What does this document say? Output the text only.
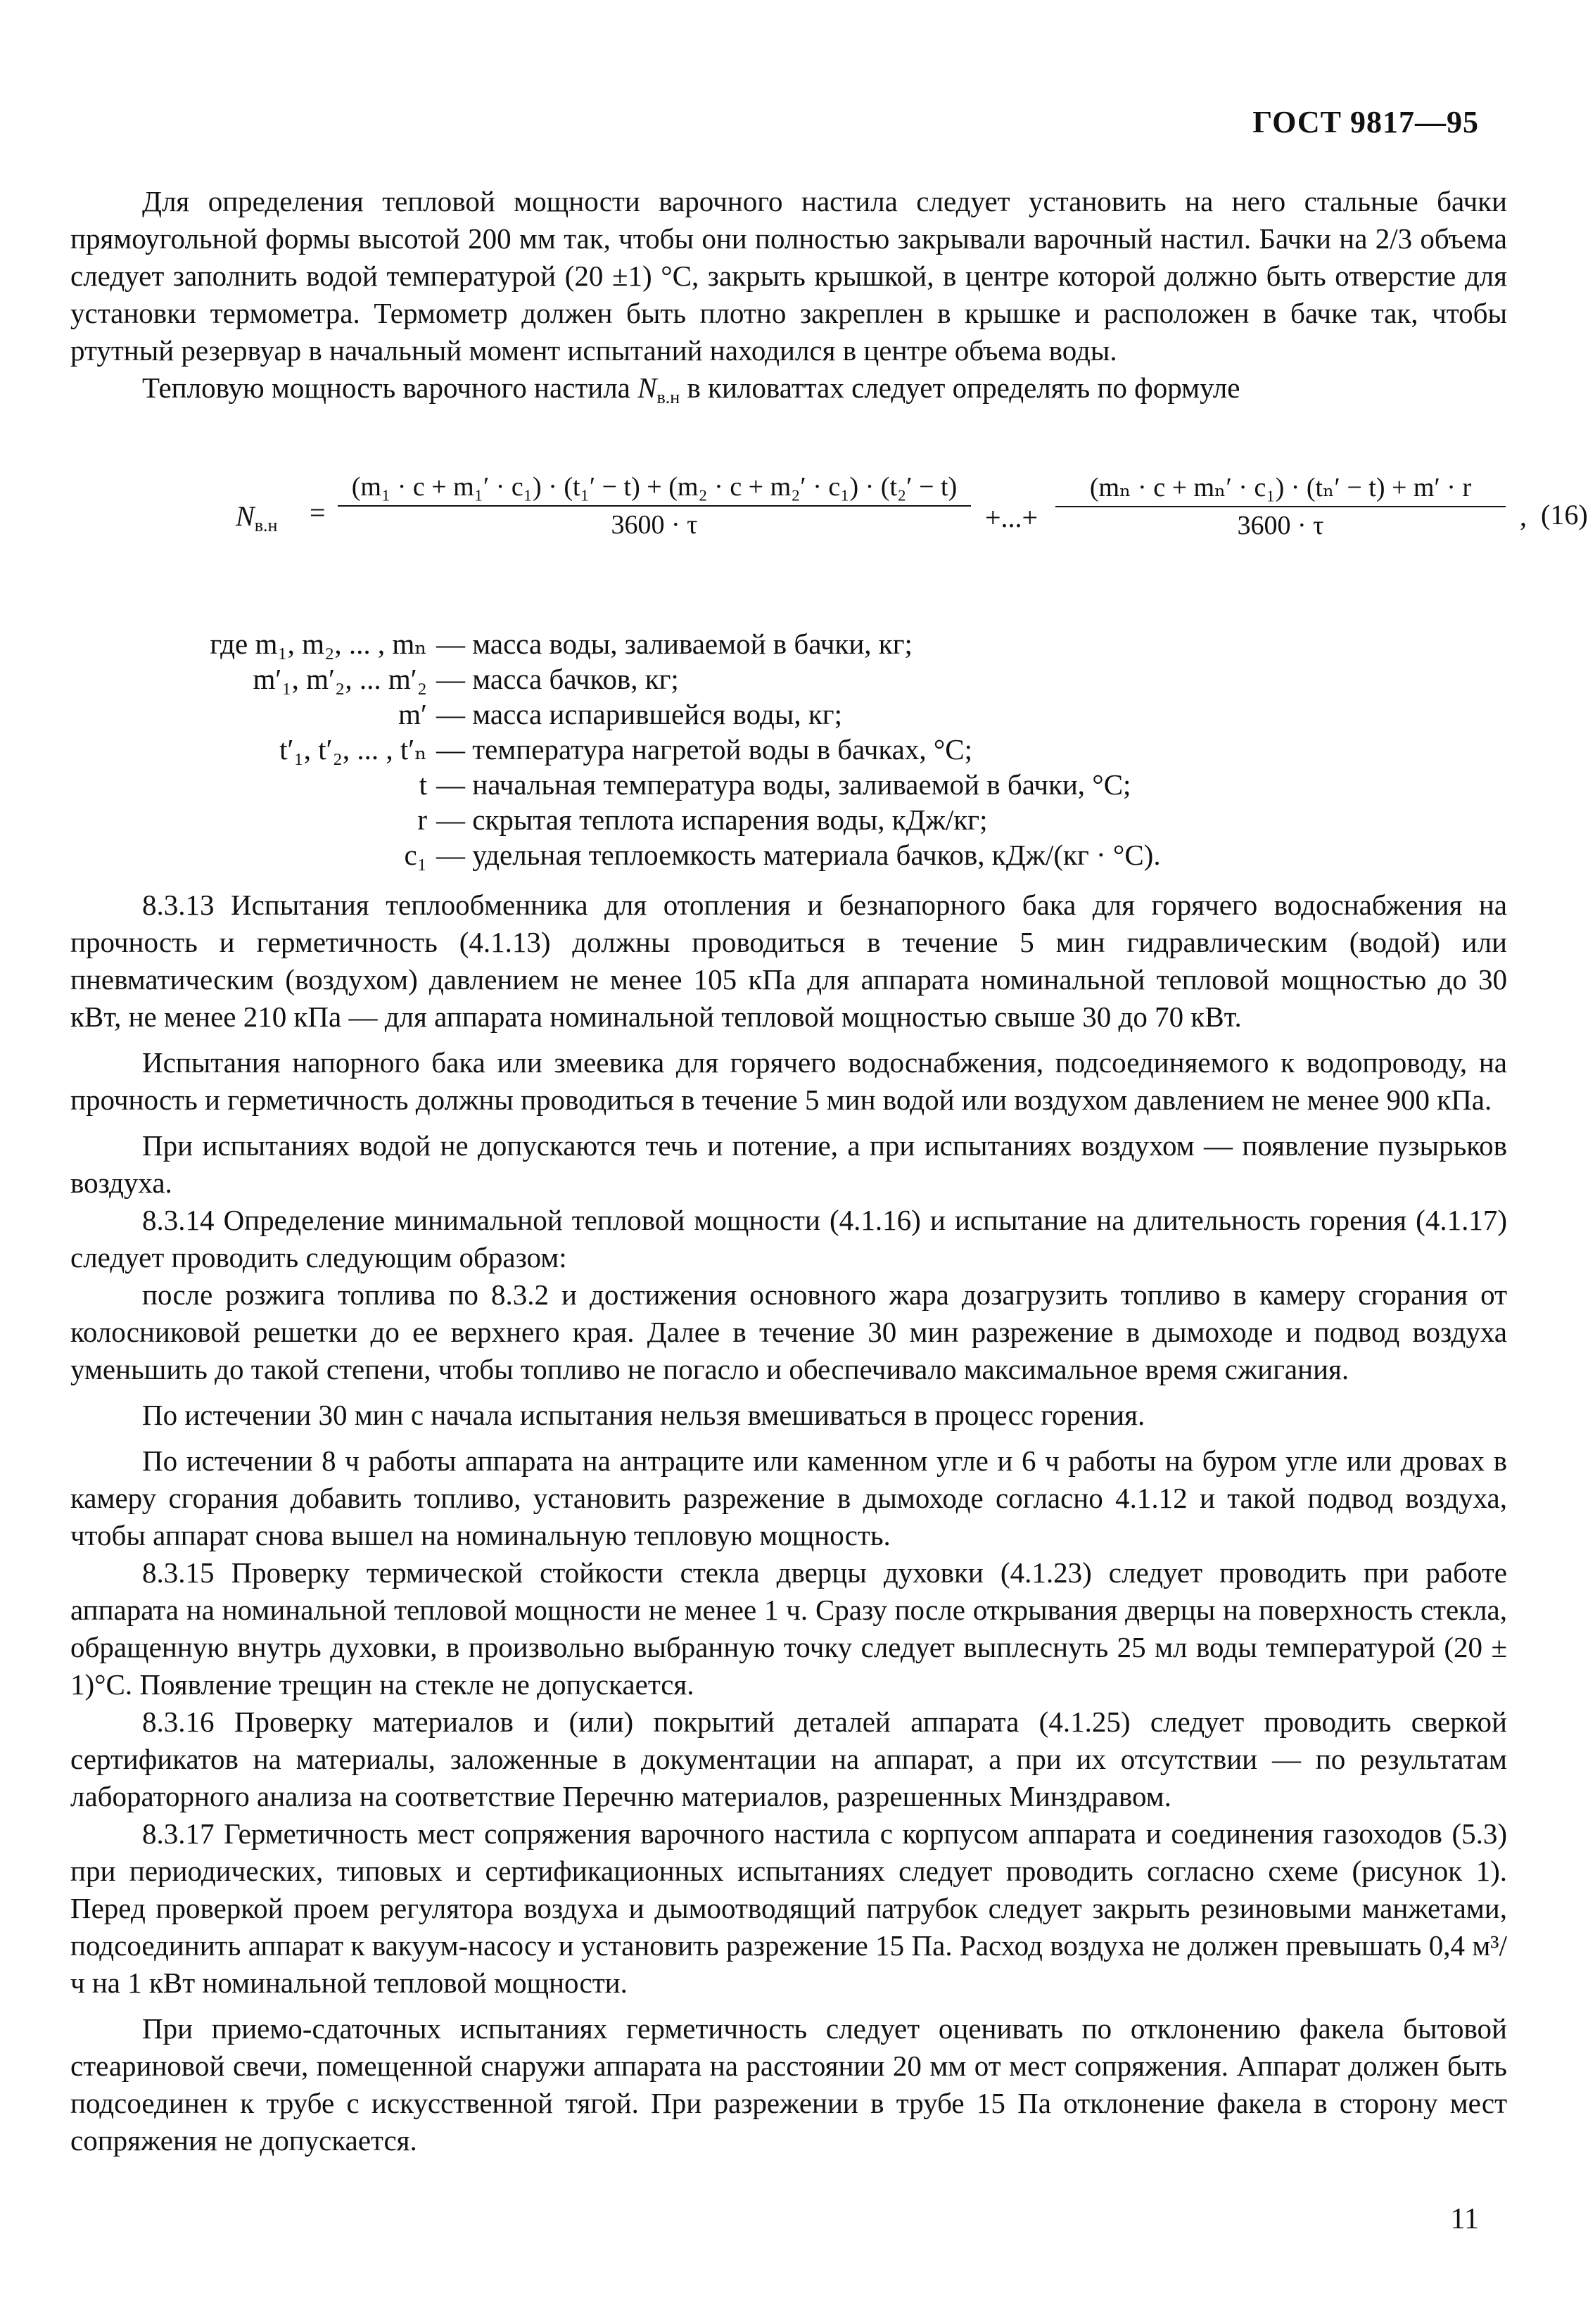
ГОСТ 9817—95

Для определения тепловой мощности варочного настила следует установить на него стальные бачки прямоугольной формы высотой 200 мм так, чтобы они полностью закрывали варочный настил. Бачки на 2/3 объема следует заполнить водой температурой (20 ±1) °С, закрыть крышкой, в центре которой должно быть отверстие для установки термометра. Термометр должен быть плотно закреплен в крышке и расположен в бачке так, чтобы ртутный резервуар в начальный момент испытаний находился в центре объема воды.

Тепловую мощность варочного настила $N_{в.н}$ в киловаттах следует определять по формуле

$N_{в.н}$ =
(m₁ · c + m₁′ · c₁) · (t₁′ − t) + (m₂ · c + m₂′ · c₁) · (t₂′ − t)
3600 · τ	+...+
(mₙ · c + mₙ′ · c₁) · (tₙ′ − t) + m′ · r
3600 · τ	, (16)
где m₁, m₂, ... , mₙ — масса воды, заливаемой в бачки, кг;
m′₁, m′₂, ... m′₂ — масса бачков, кг;
m′ — масса испарившейся воды, кг;
t′₁, t′₂, ... , t′ₙ — температура нагретой воды в бачках, °С;
t — начальная температура воды, заливаемой в бачки, °С;
r — скрытая теплота испарения воды, кДж/кг;
c₁ — удельная теплоемкость материала бачков, кДж/(кг · °С).

8.3.13 Испытания теплообменника для отопления и безнапорного бака для горячего водоснабжения на прочность и герметичность (4.1.13) должны проводиться в течение 5 мин гидравлическим (водой) или пневматическим (воздухом) давлением не менее 105 кПа для аппарата номинальной тепловой мощностью до 30 кВт, не менее 210 кПа — для аппарата номинальной тепловой мощностью свыше 30 до 70 кВт.

Испытания напорного бака или змеевика для горячего водоснабжения, подсоединяемого к водопроводу, на прочность и герметичность должны проводиться в течение 5 мин водой или воздухом давлением не менее 900 кПа.

При испытаниях водой не допускаются течь и потение, а при испытаниях воздухом — появление пузырьков воздуха.

8.3.14 Определение минимальной тепловой мощности (4.1.16) и испытание на длительность горения (4.1.17) следует проводить следующим образом:

после розжига топлива по 8.3.2 и достижения основного жара дозагрузить топливо в камеру сгорания от колосниковой решетки до ее верхнего края. Далее в течение 30 мин разрежение в дымоходе и подвод воздуха уменьшить до такой степени, чтобы топливо не погасло и обеспечивало максимальное время сжигания.

По истечении 30 мин с начала испытания нельзя вмешиваться в процесс горения.

По истечении 8 ч работы аппарата на антраците или каменном угле и 6 ч работы на буром угле или дровах в камеру сгорания добавить топливо, установить разрежение в дымоходе согласно 4.1.12 и такой подвод воздуха, чтобы аппарат снова вышел на номинальную тепловую мощность.

8.3.15 Проверку термической стойкости стекла дверцы духовки (4.1.23) следует проводить при работе аппарата на номинальной тепловой мощности не менее 1 ч. Сразу после открывания дверцы на поверхность стекла, обращенную внутрь духовки, в произвольно выбранную точку следует выплеснуть 25 мл воды температурой (20 ± 1)°С. Появление трещин на стекле не допускается.

8.3.16 Проверку материалов и (или) покрытий деталей аппарата (4.1.25) следует проводить сверкой сертификатов на материалы, заложенные в документации на аппарат, а при их отсутствии — по результатам лабораторного анализа на соответствие Перечню материалов, разрешенных Минздравом.

8.3.17 Герметичность мест сопряжения варочного настила с корпусом аппарата и соединения газоходов (5.3) при периодических, типовых и сертификационных испытаниях следует проводить согласно схеме (рисунок 1). Перед проверкой проем регулятора воздуха и дымоотводящий патрубок следует закрыть резиновыми манжетами, подсоединить аппарат к вакуум-насосу и установить разрежение 15 Па. Расход воздуха не должен превышать 0,4 м³/ч на 1 кВт номинальной тепловой мощности.

При приемо-сдаточных испытаниях герметичность следует оценивать по отклонению факела бытовой стеариновой свечи, помещенной снаружи аппарата на расстоянии 20 мм от мест сопряжения. Аппарат должен быть подсоединен к трубе с искусственной тягой. При разрежении в трубе 15 Па отклонение факела в сторону мест сопряжения не допускается.

11
